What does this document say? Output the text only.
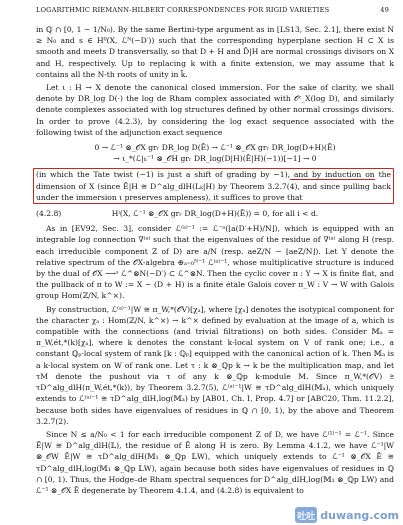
LOGARITHMIC RIEMANN-HILBERT CORRESPONDENCES FOR RIGID VARIETIES	49

in ℚ ∩ [0, 1 − 1/N₀). By the same Bertini-type argument as in [LS13, Sec. 2.1], there exist N ≥ N₀ and s ∈ H⁰(X, ℒᴺ(−D′)) such that the corresponding hyperplane section H ⊂ X is smooth and meets D transversally, so that D + H and D̄|H are normal crossings divisors on X and H, respectively. Up to replacing k with a finite extension, we may assume that k contains all the N-th roots of unity in k̄.

Let ι : H → X denote the canonical closed immersion. For the sake of clarity, we shall denote by DR_log D(·) the log de Rham complex associated with 𝒪ᶜ_X(log D), and similarly denote complexes associated with log structures defined by other normal crossings divisors. In order to prove (4.2.3), by considering the log exact sequence associated with the following twist of the adjunction exact sequence

0 → ℒ⁻¹ ⊗_𝒪X grᵣ DR_log D(Ē) → ℒ⁻¹ ⊗_𝒪X grᵣ DR_log(D+H)(Ē)
→ ι_*(ℒ|ₕ⁻¹ ⊗_𝒪H grᵣ DR_log(D|H)(Ē|H)(−1))[−1] → 0
(in which the Tate twist (−1) is just a shift of grading by −1), and by induction on the dimension of X (since Ē|H ≅ D^alg_dlH(Lₖ|H) by Theorem 3.2.7(4), and since pulling back under the immersion ι preserves ampleness), it suffices to prove that
(4.2.8)	Hⁱ(X, ℒ⁻¹ ⊗_𝒪X grᵣ DR_log(D+H)(Ē)) = 0, for all i < d.

As in [EV92, Sec. 3], consider ℒ⁽ᵃ⁾⁻¹ := ℒ⁻ᵃ(⌊a(D′+H)/N⌋), which is equipped with an integrable log connection ∇⁽ᵃ⁾ such that the eigenvalues of the residue of ∇⁽ᵃ⁾ along H (resp. each irreducible component Z of D) are a/N (resp. aeZ/N − ⌊aeZ/N⌋). Let Y denote the relative spectrum of the 𝒪X-algebra ⊕ₐ₌₀ᴺ⁻¹ ℒ⁽ᵃ⁾⁻¹, whose multiplicative structure is induced by the dual of 𝒪X ⟶ˢ ℒ^⊗N(−D′) ⊂ ℒ^⊗N. Then the cyclic cover π : Y → X is finite flat, and the pullback of π to W := X − (D + H) is a finite étale Galois cover π_W : V → W with Galois group Hom(ℤ/N, k^×).

By construction, ℒ⁽ᵃ⁾⁻¹|W ≅ π_W,*(𝒪V)[χₐ], where [χₐ] denotes the isotypical component for the character χₐ : Hom(ℤ/N, k^×) → k^× defined by evaluation at the image of a, which is compatible with the connections (and trivial filtrations) on both sides. Consider 𝕄ₐ = π_W,ét,*(k)[χₐ], where k denotes the constant k-local system on V of rank one; i.e., a constant ℚₚ-local system of rank [k : ℚₚ] equipped with the canonical action of k. Then 𝕄ₐ is a k-local system on W of rank one. Let τ : k ⊗_ℚp k → k be the multiplication map, and let τM denote the pushout via τ of any k ⊗_ℚp k-module M. Since π_W,*(𝒪V) ≅ τD^alg_dlH(π_W,ét,*(k)), by Theorem 3.2.7(5), ℒ⁽ᵃ⁾⁻¹|W ≅ τD^alg_dlH(𝕄ₐ), which uniquely extends to ℒ⁽ᵃ⁾⁻¹ ≅ τD^alg_dlH,log(𝕄ₐ) by [AB01, Ch. I, Prop. 4.7] or [ABC20, Thm. 11.2.2], because both sides have eigenvalues of residues in ℚ ∩ [0, 1), by the above and Theorem 3.2.7(2).

Since N ≤ a/N₀ < 1 for each irreducible component Z of D, we have ℒ⁽¹⁾⁻¹ = ℒ⁻¹. Since Ē|W ≅ D^alg_dlH(𝕃), the residue of Ē along H is zero. By Lemma 4.1.2, we have ℒ⁻¹|W ⊗_𝒪W Ē|W ≅ τD^alg_dlH(𝕄₁ ⊗_ℚp 𝕃W), which uniquely extends to ℒ⁻¹ ⊗_𝒪X Ē ≅ τD^alg_dlH,log(𝕄₁ ⊗_ℚp 𝕃W), again because both sides have eigenvalues of residues in ℚ ∩ [0, 1). Thus, the Hodge–de Rham spectral sequences for D^alg_dlH,log(𝕄₁ ⊗_ℚp 𝕃W) and ℒ⁻¹ ⊗_𝒪X Ē degenerate by Theorem 4.1.4, and (4.2.8) is equivalent to

吐吐 duwang.com
